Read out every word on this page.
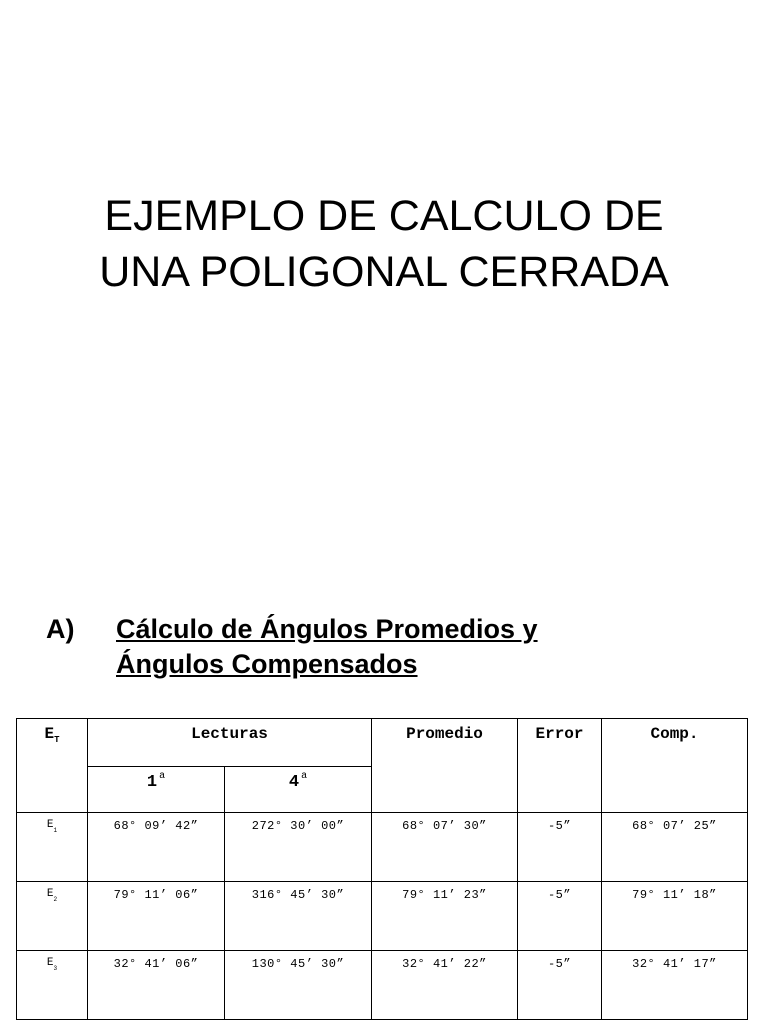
EJEMPLO DE CALCULO DE
UNA POLIGONAL CERRADA
A) Cálculo de Ángulos Promedios y
Ángulos Compensados
$E_T$	Lecturas		Promedio	Error	Comp.
	1 $^a$	4 $^a$
$E_1$	68° 09’ 42”	272° 30’ 00”	68° 07’ 30”	-5”	68° 07’ 25”
$E_2$	79° 11’ 06”	316° 45’ 30”	79° 11’ 23”	-5”	79° 11’ 18”
$E_3$	32° 41’ 06”	130° 45’ 30”	32° 41’ 22”	-5”	32° 41’ 17”
